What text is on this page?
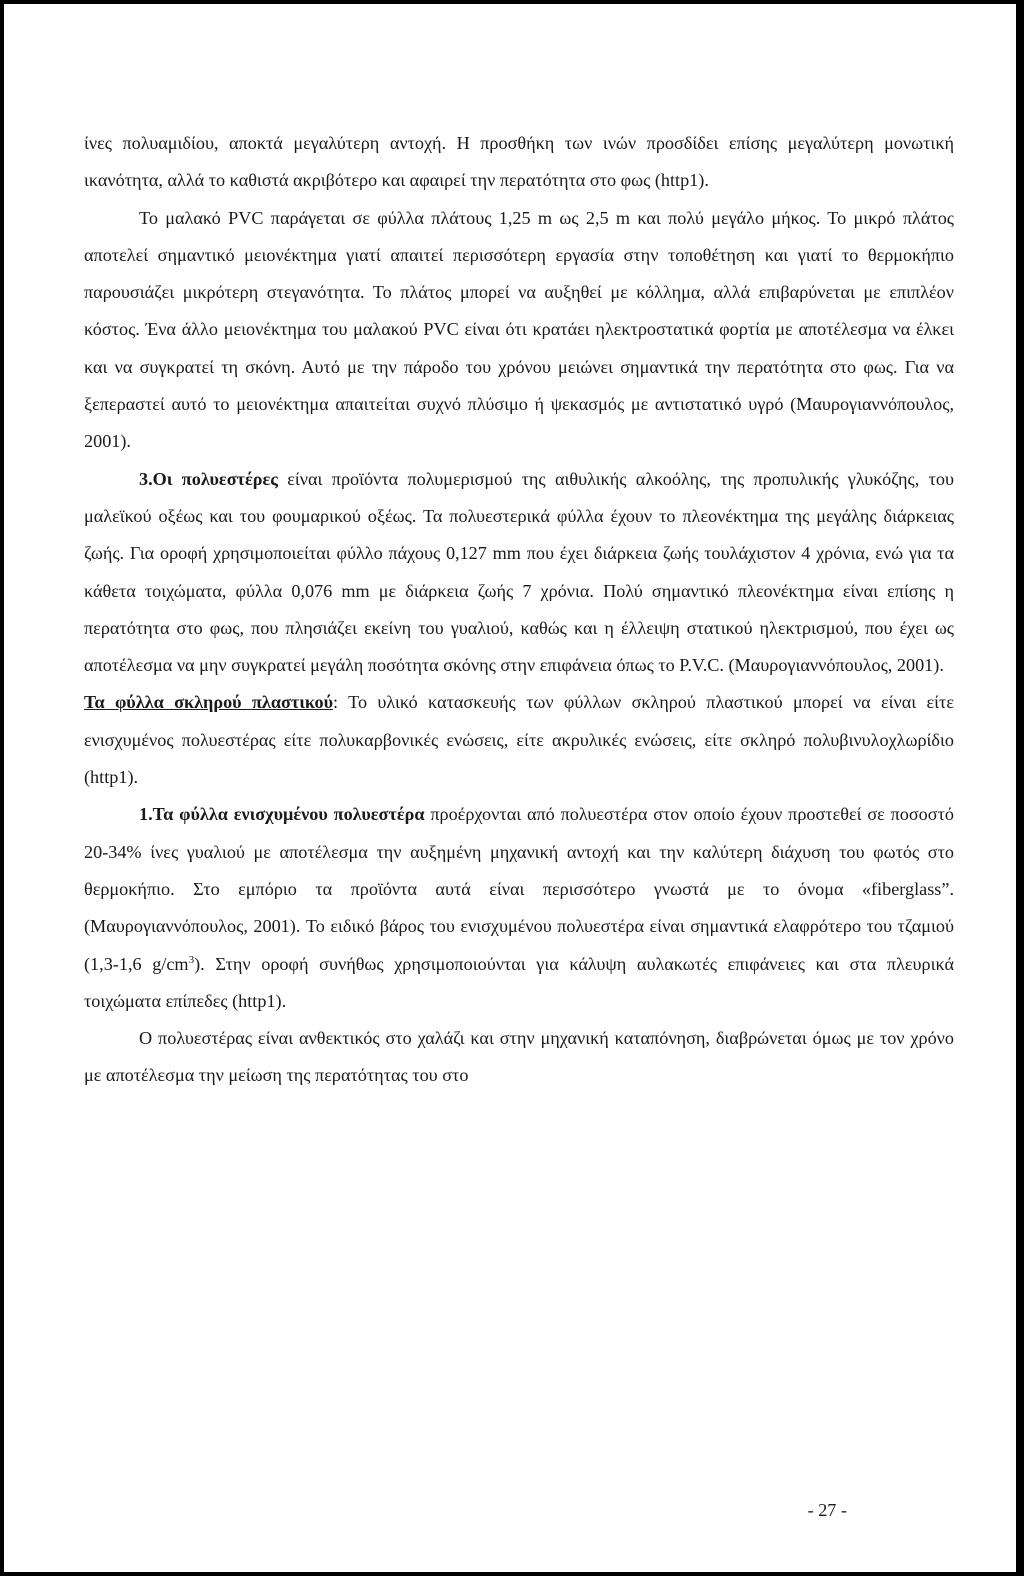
ίνες πολυαμιδίου, αποκτά μεγαλύτερη αντοχή. Η προσθήκη των ινών προσδίδει επίσης μεγαλύτερη μονωτική ικανότητα, αλλά το καθιστά ακριβότερο και αφαιρεί την περατότητα στο φως (http1).

Το μαλακό PVC παράγεται σε φύλλα πλάτους 1,25 m ως 2,5 m και πολύ μεγάλο μήκος. Το μικρό πλάτος αποτελεί σημαντικό μειονέκτημα γιατί απαιτεί περισσότερη εργασία στην τοποθέτηση και γιατί το θερμοκήπιο παρουσιάζει μικρότερη στεγανότητα. Το πλάτος μπορεί να αυξηθεί με κόλλημα, αλλά επιβαρύνεται με επιπλέον κόστος. Ένα άλλο μειονέκτημα του μαλακού PVC είναι ότι κρατάει ηλεκτροστατικά φορτία με αποτέλεσμα να έλκει και να συγκρατεί τη σκόνη. Αυτό με την πάροδο του χρόνου μειώνει σημαντικά την περατότητα στο φως. Για να ξεπεραστεί αυτό το μειονέκτημα απαιτείται συχνό πλύσιμο ή ψεκασμός με αντιστατικό υγρό (Μαυρογιαννόπουλος, 2001).

3.Οι πολυεστέρες είναι προϊόντα πολυμερισμού της αιθυλικής αλκοόλης, της προπυλικής γλυκόζης, του μαλεϊκού οξέως και του φουμαρικού οξέως. Τα πολυεστερικά φύλλα έχουν το πλεονέκτημα της μεγάλης διάρκειας ζωής. Για οροφή χρησιμοποιείται φύλλο πάχους 0,127 mm που έχει διάρκεια ζωής τουλάχιστον 4 χρόνια, ενώ για τα κάθετα τοιχώματα, φύλλα 0,076 mm με διάρκεια ζωής 7 χρόνια. Πολύ σημαντικό πλεονέκτημα είναι επίσης η περατότητα στο φως, που πλησιάζει εκείνη του γυαλιού, καθώς και η έλλειψη στατικού ηλεκτρισμού, που έχει ως αποτέλεσμα να μην συγκρατεί μεγάλη ποσότητα σκόνης στην επιφάνεια όπως το P.V.C. (Μαυρογιαννόπουλος, 2001).

Τα φύλλα σκληρού πλαστικού: Το υλικό κατασκευής των φύλλων σκληρού πλαστικού μπορεί να είναι είτε ενισχυμένος πολυεστέρας είτε πολυκαρβονικές ενώσεις, είτε ακρυλικές ενώσεις, είτε σκληρό πολυβινυλοχλωρίδιο (http1).

1.Τα φύλλα ενισχυμένου πολυεστέρα προέρχονται από πολυεστέρα στον οποίο έχουν προστεθεί σε ποσοστό 20-34% ίνες γυαλιού με αποτέλεσμα την αυξημένη μηχανική αντοχή και την καλύτερη διάχυση του φωτός στο θερμοκήπιο. Στο εμπόριο τα προϊόντα αυτά είναι περισσότερο γνωστά με το όνομα «fiberglass”. (Μαυρογιαννόπουλος, 2001). Το ειδικό βάρος του ενισχυμένου πολυεστέρα είναι σημαντικά ελαφρότερο του τζαμιού (1,3-1,6 $g/cm^3$). Στην οροφή συνήθως χρησιμοποιούνται για κάλυψη αυλακωτές επιφάνειες και στα πλευρικά τοιχώματα επίπεδες (http1).

Ο πολυεστέρας είναι ανθεκτικός στο χαλάζι και στην μηχανική καταπόνηση, διαβρώνεται όμως με τον χρόνο με αποτέλεσμα την μείωση της περατότητας του στο

- 27 -
